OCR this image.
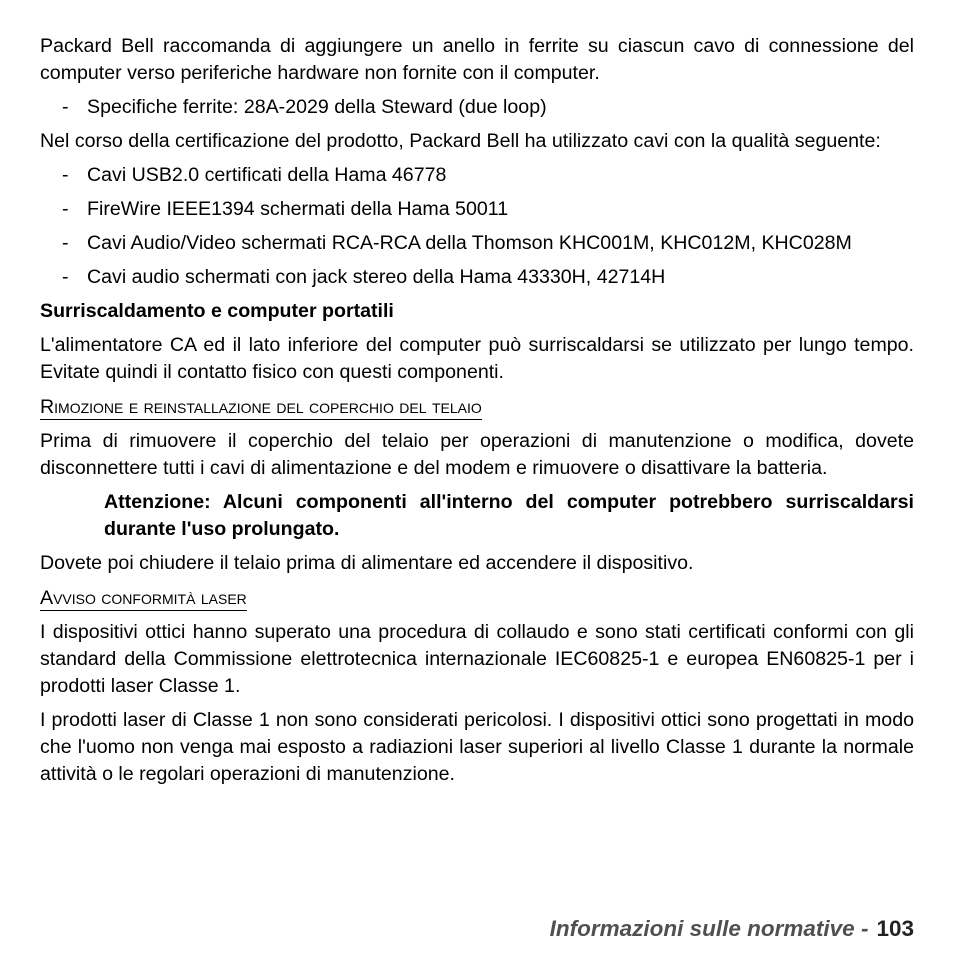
Packard Bell raccomanda di aggiungere un anello in ferrite su ciascun cavo di connessione del computer verso periferiche hardware non fornite con il computer.

- Specifiche ferrite: 28A-2029 della Steward (due loop)

Nel corso della certificazione del prodotto, Packard Bell ha utilizzato cavi con la qualità seguente:

- Cavi USB2.0 certificati della Hama 46778
- FireWire IEEE1394 schermati della Hama 50011
- Cavi Audio/Video schermati RCA-RCA della Thomson KHC001M, KHC012M, KHC028M
- Cavi audio schermati con jack stereo della Hama 43330H, 42714H
Surriscaldamento e computer portatili

L'alimentatore CA ed il lato inferiore del computer può surriscaldarsi se utilizzato per lungo tempo. Evitate quindi il contatto fisico con questi componenti.

Rimozione e reinstallazione del coperchio del telaio

Prima di rimuovere il coperchio del telaio per operazioni di manutenzione o modifica, dovete disconnettere tutti i cavi di alimentazione e del modem e rimuovere o disattivare la batteria.

Attenzione: Alcuni componenti all'interno del computer potrebbero surriscaldarsi durante l'uso prolungato.

Dovete poi chiudere il telaio prima di alimentare ed accendere il dispositivo.

Avviso conformità laser

I dispositivi ottici hanno superato una procedura di collaudo e sono stati certificati conformi con gli standard della Commissione elettrotecnica internazionale IEC60825-1 e europea EN60825-1 per i prodotti laser Classe 1.

I prodotti laser di Classe 1 non sono considerati pericolosi. I dispositivi ottici sono progettati in modo che l'uomo non venga mai esposto a radiazioni laser superiori al livello Classe 1 durante la normale attività o le regolari operazioni di manutenzione.

Informazioni sulle normative - 103
